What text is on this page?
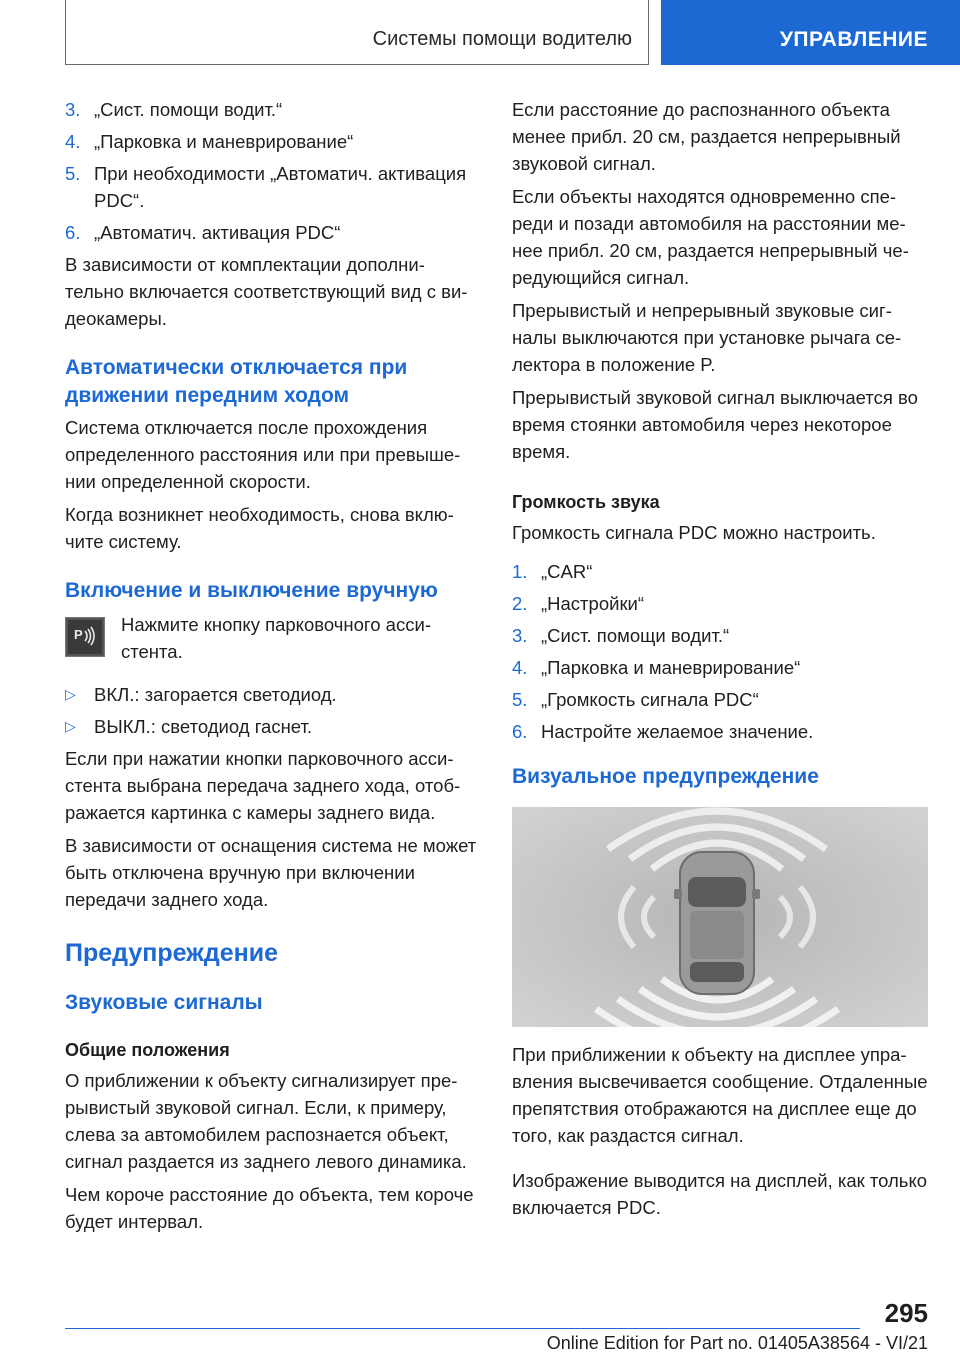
Системы помощи водителю	УПРАВЛЕНИЕ
3. „Сист. помощи водит.“
4. „Парковка и маневрирование“
5. При необходимости „Автоматич. активация PDC“.
6. „Автоматич. активация PDC“

В зависимости от комплектации дополнительно включается соответствующий вид с видеокамеры.

Автоматически отключается при движении передним ходом

Система отключается после прохождения определенного расстояния или при превышении определенной скорости.

Когда возникнет необходимость, снова включите систему.

Включение и выключение вручную
P Нажмите кнопку парковочного ассистента.

▷ ВКЛ.: загорается светодиод.
▷ ВЫКЛ.: светодиод гаснет.

Если при нажатии кнопки парковочного ассистента выбрана передача заднего хода, отображается картинка с камеры заднего вида.

В зависимости от оснащения система не может быть отключена вручную при включении передачи заднего хода.

Предупреждение
Звуковые сигналы
Общие положения

О приближении к объекту сигнализирует прерывистый звуковой сигнал. Если, к примеру, слева за автомобилем распознается объект, сигнал раздается из заднего левого динамика.

Чем короче расстояние до объекта, тем короче будет интервал.

Если расстояние до распознанного объекта менее прибл. 20 см, раздается непрерывный звуковой сигнал.

Если объекты находятся одновременно спереди и позади автомобиля на расстоянии менее прибл. 20 см, раздается непрерывный чередующийся сигнал.

Прерывистый и непрерывный звуковые сигналы выключаются при установке рычага селектора в положение P.

Прерывистый звуковой сигнал выключается во время стоянки автомобиля через некоторое время.

Громкость звука

Громкость сигнала PDC можно настроить.

1. „CAR“
2. „Настройки“
3. „Сист. помощи водит.“
4. „Парковка и маневрирование“
5. „Громкость сигнала PDC“
6. Настройте желаемое значение.
Визуальное предупреждение

При приближении к объекту на дисплее управления высвечивается сообщение. Отдаленные препятствия отображаются на дисплее еще до того, как раздастся сигнал.

Изображение выводится на дисплей, как только включается PDC.

295
Online Edition for Part no. 01405A38564 - VI/21
